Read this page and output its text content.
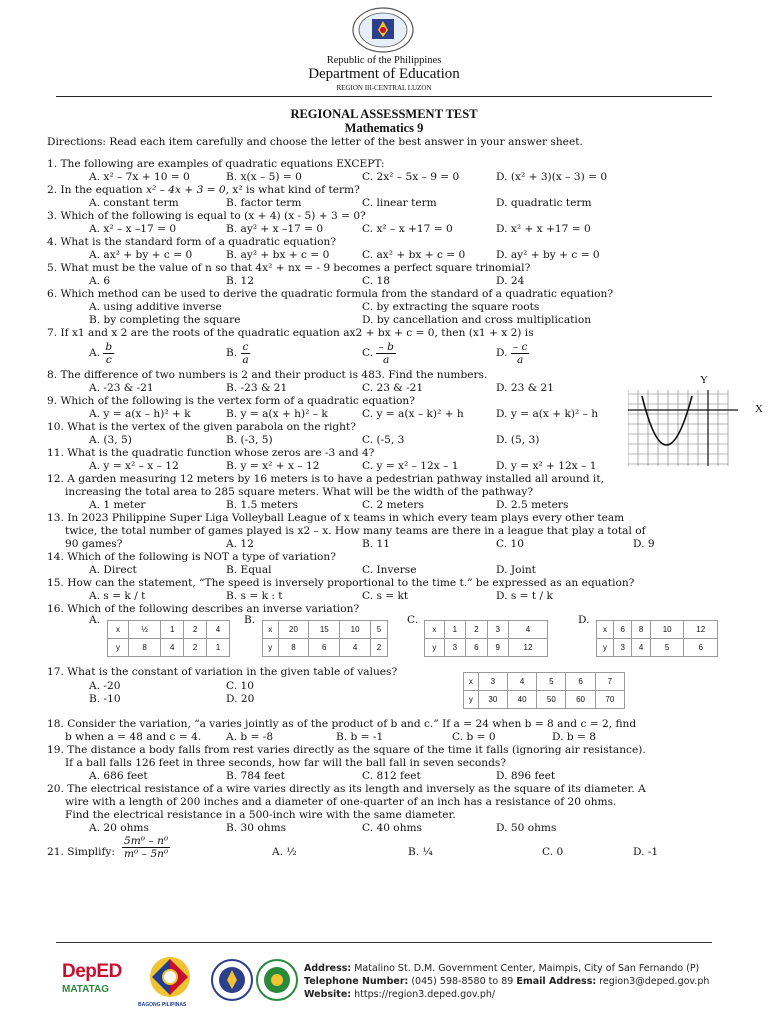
Republic of the Philippines
Department of Education
REGION III-CENTRAL LUZON
REGIONAL ASSESSMENT TEST
Mathematics 9
Directions: Read each item carefully and choose the letter of the best answer in your answer sheet.
1. The following are examples of quadratic equations EXCEPT:
A. x² – 7x + 10 = 0	B. x(x – 5) = 0	C. 2x² – 5x – 9 = 0	D. (x² + 3)(x – 3) = 0
2. In the equation x² – 4x + 3 = 0, x² is what kind of term?
A. constant term	B. factor term	C. linear term	D. quadratic term
3. Which of the following is equal to (x + 4) (x - 5) + 3 = 0?
A. x² – x –17 = 0	B. ay² + x –17 = 0	C. x² – x +17 = 0	D. x² + x +17 = 0
4. What is the standard form of a quadratic equation?
A. ax² + by + c = 0	B. ay² + bx + c = 0	C. ax² + bx + c = 0	D. ay² + by + c = 0
5. What must be the value of n so that 4x² + nx = - 9 becomes a perfect square trinomial?
A. 6	B. 12	C. 18	D. 24
6. Which method can be used to derive the quadratic formula from the standard of a quadratic equation?
A. using additive inverse
B. by completing the square
C. by extracting the square roots
D. by cancellation and cross multiplication
7. If x1 and x 2 are the roots of the quadratic equation ax2 + bx + c = 0, then (x1 + x 2) is
A. $\frac{b}{c}$	B. $\frac{c}{a}$	C. $\frac{- b}{a}$	D. $\frac{- c}{a}$
8. The difference of two numbers is 2 and their product is 483. Find the numbers.
A. -23 & -21	B. -23 & 21	C. 23 & -21	D. 23 & 21
9. Which of the following is the vertex form of a quadratic equation?
A. y = a(x – h)² + k	B. y = a(x + h)² – k	C. y = a(x – k)² + h	D. y = a(x + k)² – h
Y
X
10. What is the vertex of the given parabola on the right?
A. (3, 5)	B. (-3, 5)	C. (-5, 3	D. (5, 3)
11. What is the quadratic function whose zeros are -3 and 4?
A. y = x² – x – 12	B. y = x² + x – 12	C. y = x² – 12x – 1	D. y = x² + 12x – 1
12. A garden measuring 12 meters by 16 meters is to have a pedestrian pathway installed all around it,
increasing the total area to 285 square meters. What will be the width of the pathway?
A. 1 meter	B. 1.5 meters	C. 2 meters	D. 2.5 meters
13. In 2023 Philippine Super Liga Volleyball League of x teams in which every team plays every other team
twice, the total number of games played is x2 – x. How many teams are there in a league that play a total of
90 games?	A. 12	B. 11	C. 10	D. 9
14. Which of the following is NOT a type of variation?
A. Direct	B. Equal	C. Inverse	D. Joint
15. How can the statement, “The speed is inversely proportional to the time t.” be expressed as an equation?
A. s = k / t	B. s = k : t	C. s = kt	D. s = t / k
16. Which of the following describes an inverse variation?
A.	B.	C.	D.
x	½	1	2	4
y	8	4	2	1
x	20	15	10	5
y	8	6	4	2
x	1	2	3	4
y	3	6	9	12
x	6	8	10	12
y	3	4	5	6
17. What is the constant of variation in the given table of values?
A. -20	C. 10
B. -10	D. 20
x	3	4	5	6	7
y	30	40	50	60	70
18. Consider the variation, “a varies jointly as of the product of b and c.” If a = 24 when b = 8 and c = 2, find
b when a = 48 and c = 4. A. b = -8	B. b = -1	C. b = 0	D. b = 8
19. The distance a body falls from rest varies directly as the square of the time it falls (ignoring air resistance).
If a ball falls 126 feet in three seconds, how far will the ball fall in seven seconds?
A. 686 feet	B. 784 feet	C. 812 feet	D. 896 feet
20. The electrical resistance of a wire varies directly as its length and inversely as the square of its diameter. A
wire with a length of 200 inches and a diameter of one-quarter of an inch has a resistance of 20 ohms.
Find the electrical resistance in a 500-inch wire with the same diameter.
A. 20 ohms	B. 30 ohms	C. 40 ohms	D. 50 ohms
21. Simplify: $\frac{\text{5m⁰ – n⁰}}{\text{m⁰ – 5n⁰}}$	A. ½	B. ¼	C. 0	D. -1
DepED
MATATAG
BAGONG PILIPINAS
Address: Matalino St. D.M. Government Center, Maimpis, City of San Fernando (P)
Telephone Number: (045) 598-8580 to 89 Email Address: region3@deped.gov.ph
Website: https://region3.deped.gov.ph/
